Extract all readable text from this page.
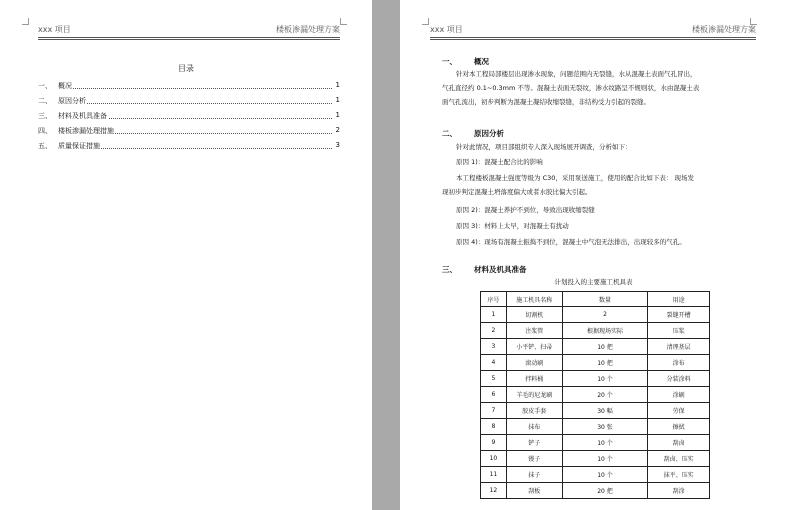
xxx 项目	楼板渗漏处理方案
目录
一、 概况	1
二、 原因分析	1
三、 材料及机具准备	1
四、 楼板渗漏处理措施	2
五、 质量保证措施	3
xxx 项目	楼板渗漏处理方案
一、 概况
针对本工程局部楼层出现渗水现象，问题范围内无裂缝，水从混凝土表面气孔冒出，
气孔直径约 0.1~0.3mm 不等。混凝土表面无裂纹，渗水纹路呈不规则状，水由混凝土表
面气孔流出，初步判断为混凝土凝结收缩裂缝，非结构受力引起的裂缝。
二、 原因分析
针对此情况，项目部组织专人深入现场展开调查，分析如下：
原因 1)：混凝土配合比的影响
本工程楼板混凝土强度等级为 C30，采用泵送施工，使用的配合比如下表： 现场发
现初步判定混凝土坍落度偏大或者水胶比偏大引起。
原因 2)：混凝土养护不到位，导致出现收缩裂缝
原因 3)：材料上太早，对混凝土有扰动
原因 4)：现场有混凝土振捣不到位，混凝土中气泡无法排出，出现较多的气孔。
三、 材料及机具准备
计划投入的主要施工机具表
序号	施工机具名称	数量	用途
1	切割机	2	裂缝开槽
2	注浆管	根据现场实际	压浆
3	小平铲、扫帚	10 把	清理基层
4	滚动刷	10 把	涂布
5	拌料桶	10 个	分装涂料
6	羊毛的尼龙刷	20 个	涂刷
7	胶皮手套	30 幅	劳保
8	抹布	30 张	擦拭
9	铲子	10 个	刮卤
10	镘子	10 个	刮卤、压实
11	抹子	10 个	抹平、压实
12	刮板	20 把	刮涂
